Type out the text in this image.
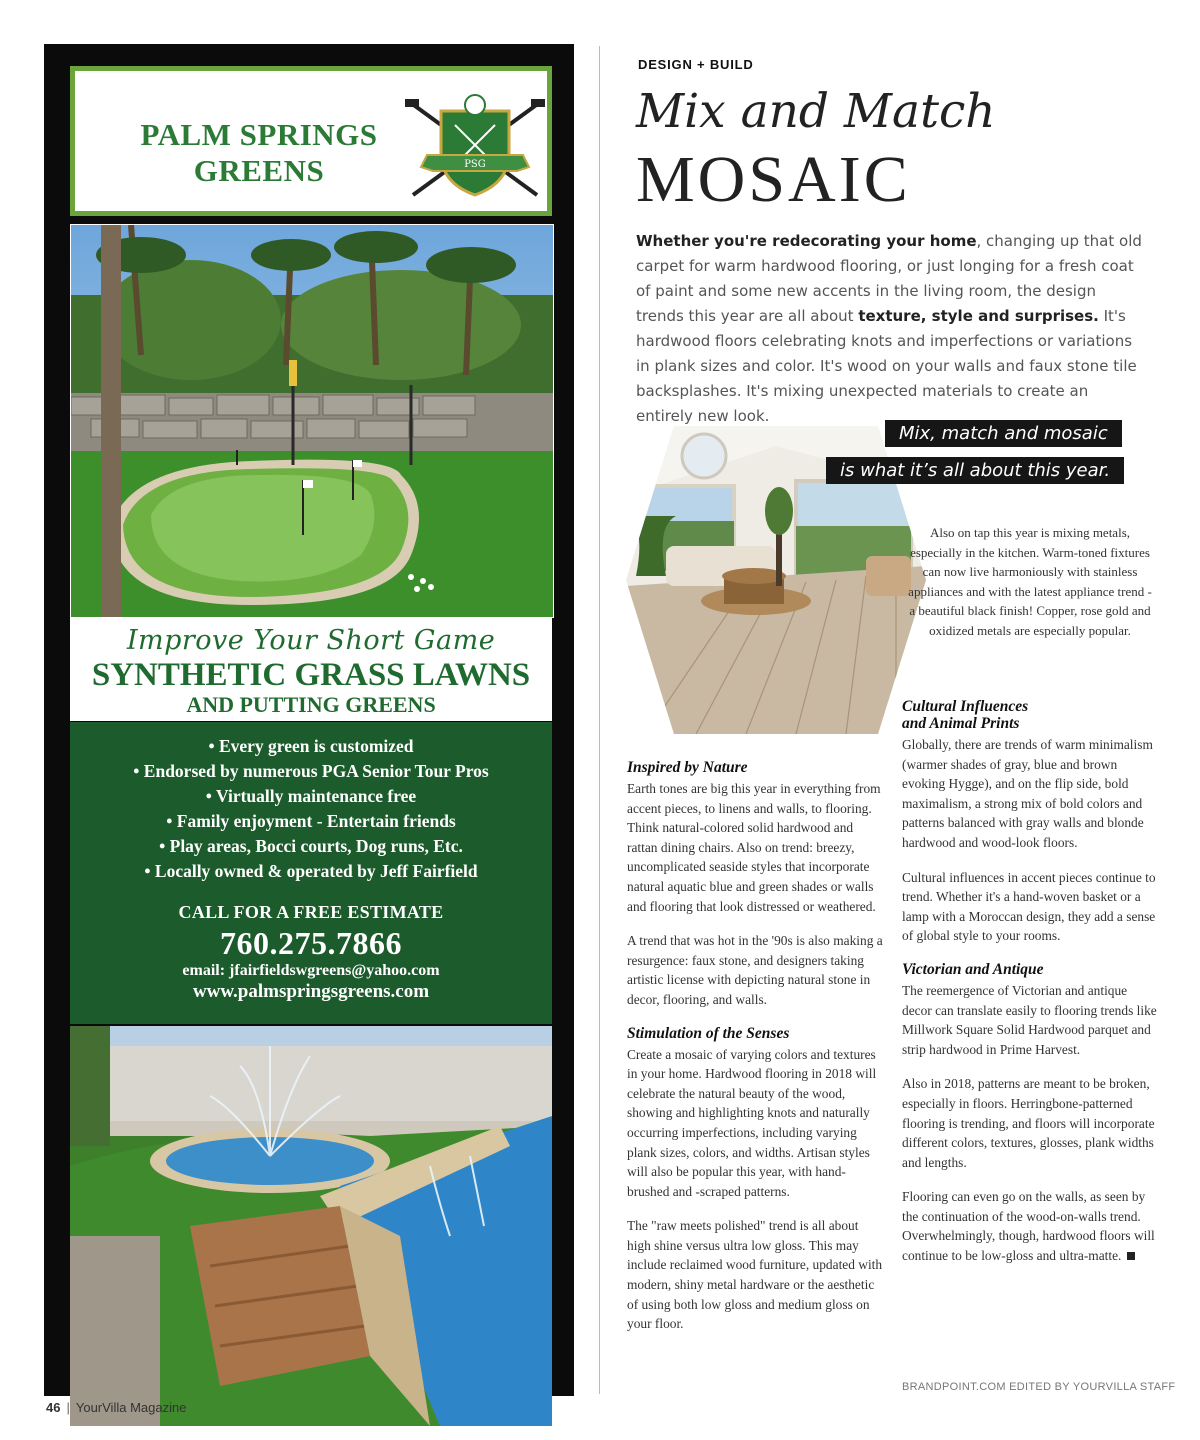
PALM SPRINGS
GREENS	PSG
Improve Your Short Game
SYNTHETIC GRASS LAWNS
AND PUTTING GREENS
• Every green is customized
• Endorsed by numerous PGA Senior Tour Pros
• Virtually maintenance free
• Family enjoyment - Entertain friends
• Play areas, Bocci courts, Dog runs, Etc.
• Locally owned & operated by Jeff Fairfield
CALL FOR A FREE ESTIMATE
760.275.7866
email: jfairfieldswgreens@yahoo.com
www.palmspringsgreens.com
46 | YourVilla Magazine
DESIGN + BUILD
Mix and Match
MOSAIC

Whether you're redecorating your home, changing up that old carpet for warm hardwood flooring, or just longing for a fresh coat of paint and some new accents in the living room, the design trends this year are all about texture, style and surprises. It's hardwood floors celebrating knots and imperfections or variations in plank sizes and color. It's wood on your walls and faux stone tile backsplashes. It's mixing unexpected materials to create an entirely new look.

Mix, match and mosaic
is what it’s all about this year.

Also on tap this year is mixing metals, especially in the kitchen. Warm-toned fixtures can now live harmoniously with stainless appliances and with the latest appliance trend - a beautiful black finish! Copper, rose gold and oxidized metals are especially popular.

Inspired by Nature

Earth tones are big this year in everything from accent pieces, to linens and walls, to flooring. Think natural-colored solid hardwood and rattan dining chairs. Also on trend: breezy, uncomplicated seaside styles that incorporate natural aquatic blue and green shades or walls and flooring that look distressed or weathered.

A trend that was hot in the '90s is also making a resurgence: faux stone, and designers taking artistic license with depicting natural stone in decor, flooring, and walls.

Stimulation of the Senses

Create a mosaic of varying colors and textures in your home. Hardwood flooring in 2018 will celebrate the natural beauty of the wood, showing and highlighting knots and naturally occurring imperfections, including varying plank sizes, colors, and widths. Artisan styles will also be popular this year, with hand-brushed and -scraped patterns.

The "raw meets polished" trend is all about high shine versus ultra low gloss. This may include reclaimed wood furniture, updated with modern, shiny metal hardware or the aesthetic of using both low gloss and medium gloss on your floor.

Cultural Influences
and Animal Prints

Globally, there are trends of warm minimalism (warmer shades of gray, blue and brown evoking Hygge), and on the flip side, bold maximalism, a strong mix of bold colors and patterns balanced with gray walls and blonde hardwood and wood-look floors.

Cultural influences in accent pieces continue to trend. Whether it's a hand-woven basket or a lamp with a Moroccan design, they add a sense of global style to your rooms.

Victorian and Antique

The reemergence of Victorian and antique decor can translate easily to flooring trends like Millwork Square Solid Hardwood parquet and strip hardwood in Prime Harvest.

Also in 2018, patterns are meant to be broken, especially in floors. Herringbone-patterned flooring is trending, and floors will incorporate different colors, textures, glosses, plank widths and lengths.

Flooring can even go on the walls, as seen by the continuation of the wood-on-walls trend. Overwhelmingly, though, hardwood floors will continue to be low-gloss and ultra-matte.

BRANDPOINT.COM EDITED BY YOURVILLA STAFF
